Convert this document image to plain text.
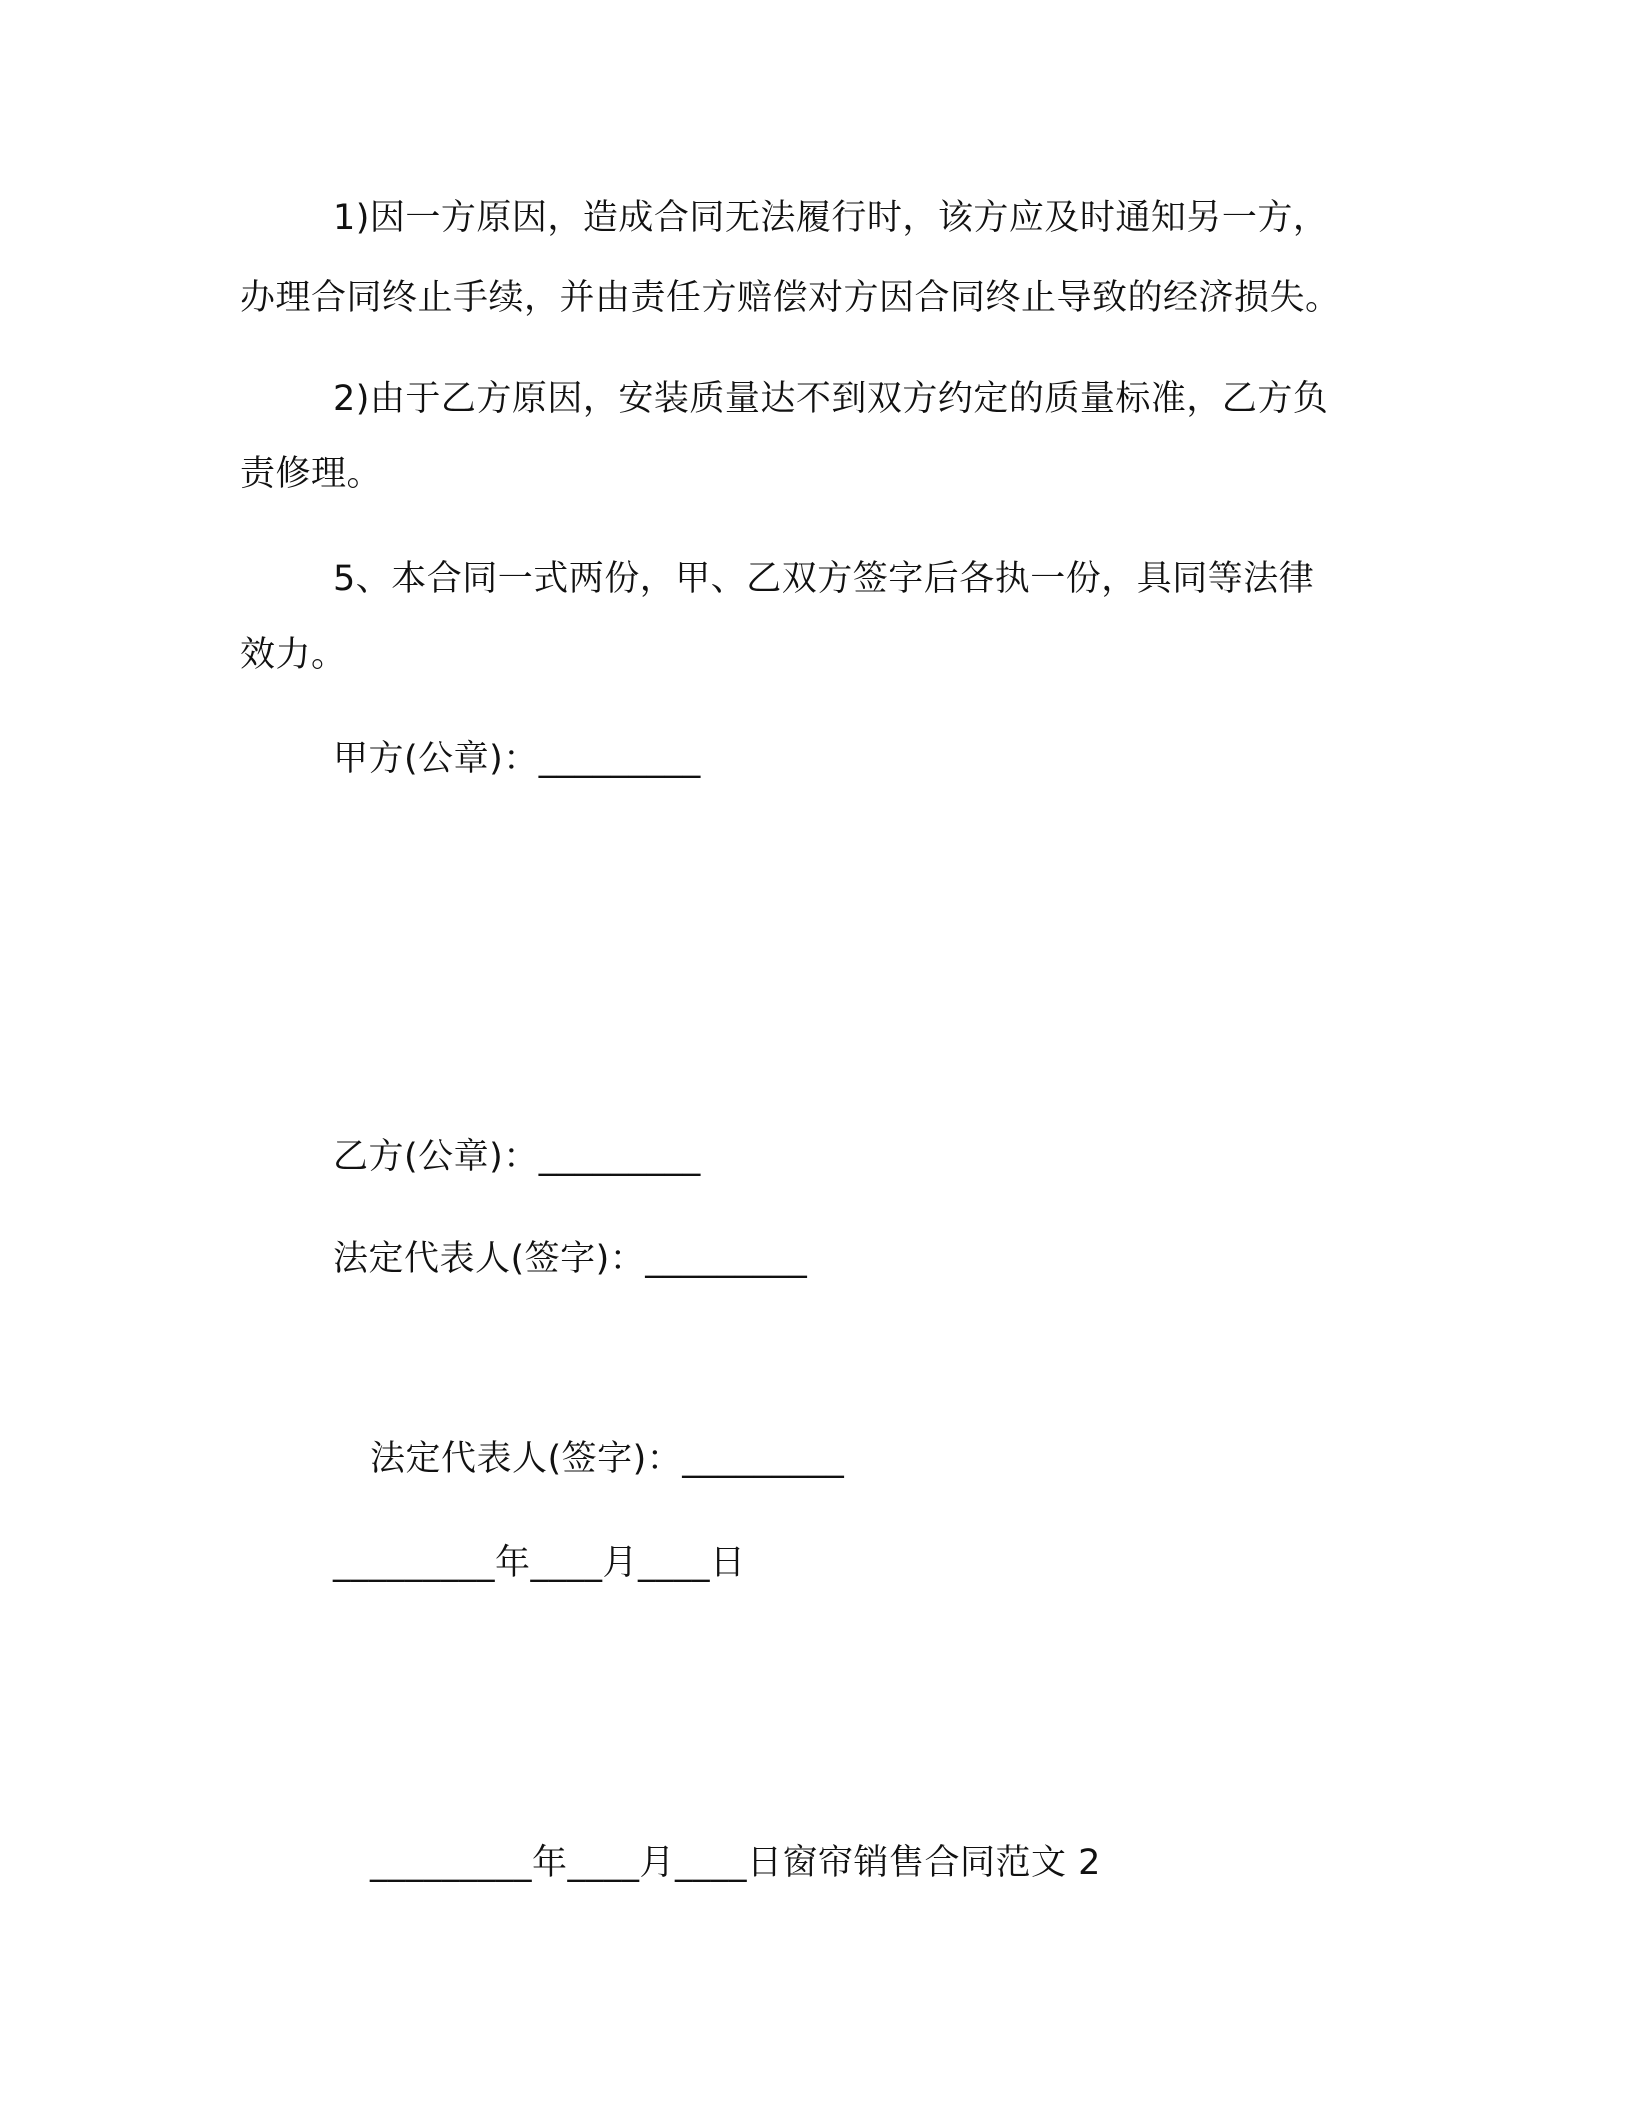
1)因一方原因，造成合同无法履行时，该方应及时通知另一方，
办理合同终止手续，并由责任方赔偿对方因合同终止导致的经济损失。
2)由于乙方原因，安装质量达不到双方约定的质量标准，乙方负
责修理。
5、本合同一式两份，甲、乙双方签字后各执一份，具同等法律
效力。
甲方(公章)：_________
乙方(公章)：_________
法定代表人(签字)：_________
法定代表人(签字)：_________
_________年____月____日
_________年____月____日窗帘销售合同范文 2
